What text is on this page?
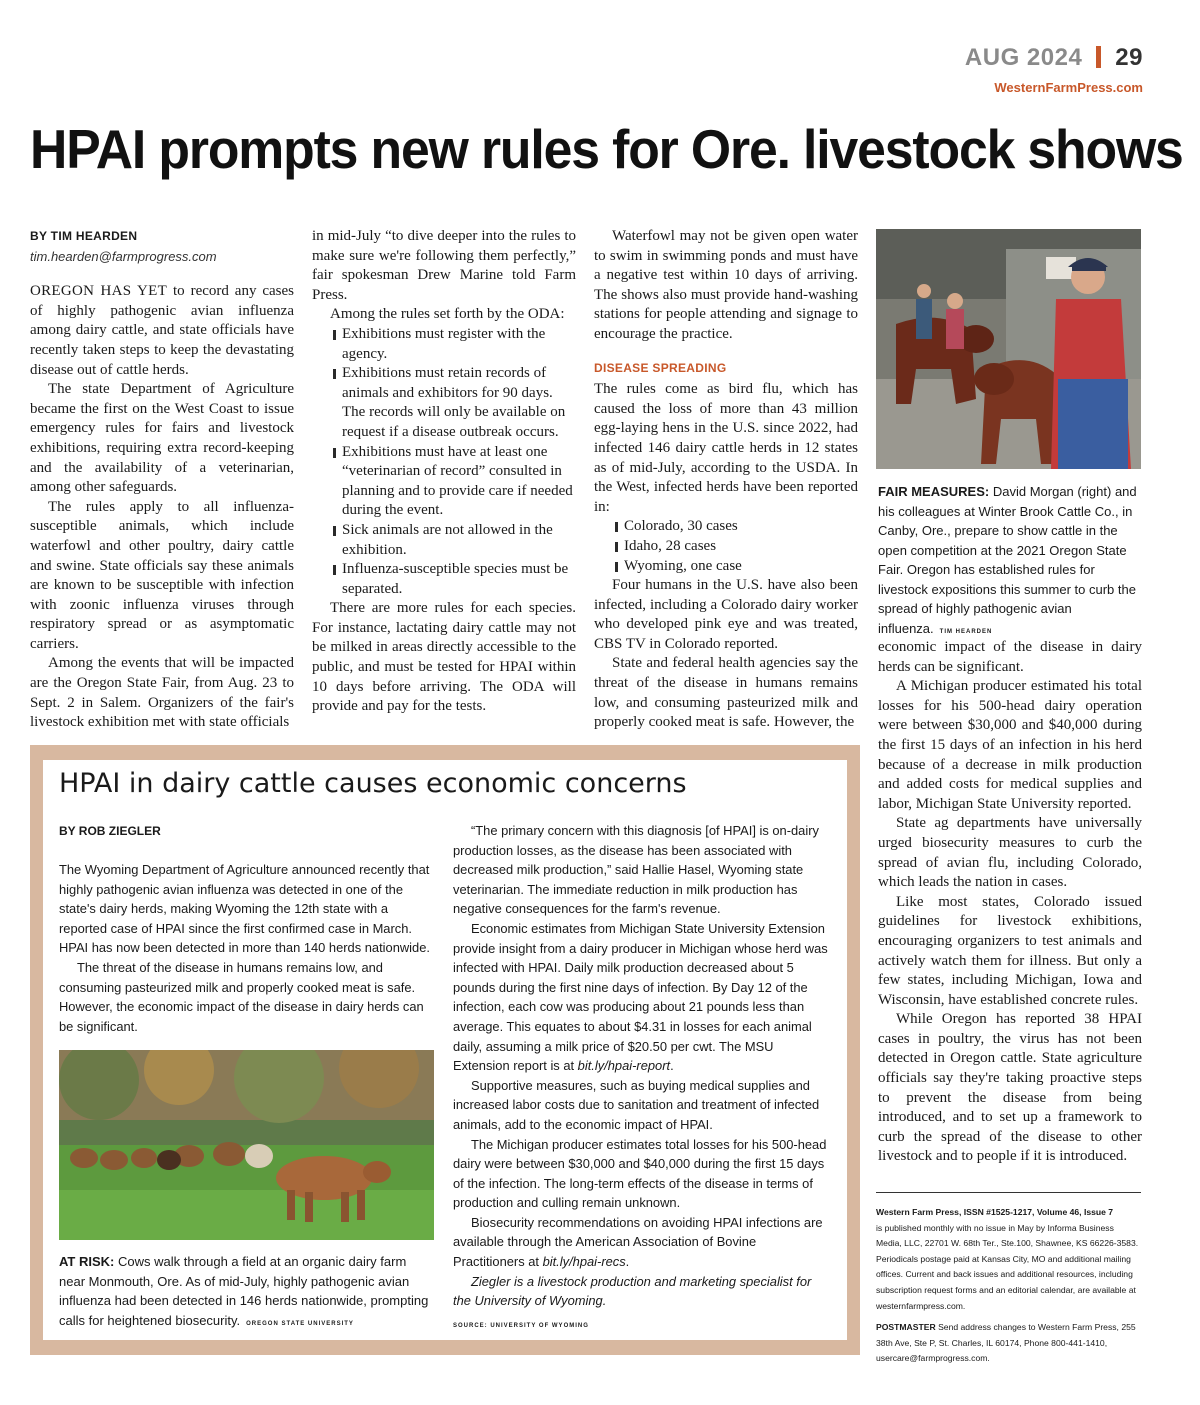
AUG 2024 29
WesternFarmPress.com
HPAI prompts new rules for Ore. livestock shows
BY TIM HEARDEN
tim.hearden@farmprogress.com

OREGON HAS YET to record any cases of highly pathogenic avian influenza among dairy cattle, and state officials have recently taken steps to keep the devastating disease out of cattle herds.

The state Department of Agriculture became the first on the West Coast to issue emergency rules for fairs and livestock exhibitions, requiring extra record-keeping and the availability of a veterinarian, among other safeguards.

The rules apply to all influenza-susceptible animals, which include waterfowl and other poultry, dairy cattle and swine. State officials say these animals are known to be susceptible with infection with zoonic influenza viruses through respiratory spread or as asymptomatic carriers.

Among the events that will be impacted are the Oregon State Fair, from Aug. 23 to Sept. 2 in Salem. Organizers of the fair's livestock exhibition met with state officials

in mid-July “to dive deeper into the rules to make sure we're following them perfectly,” fair spokesman Drew Marine told Farm Press.

Among the rules set forth by the ODA:

Exhibitions must register with the agency.
Exhibitions must retain records of animals and exhibitors for 90 days. The records will only be available on request if a disease outbreak occurs.
Exhibitions must have at least one “veterinarian of record” consulted in planning and to provide care if needed during the event.
Sick animals are not allowed in the exhibition.
Influenza-susceptible species must be separated.

There are more rules for each species. For instance, lactating dairy cattle may not be milked in areas directly accessible to the public, and must be tested for HPAI within 10 days before arriving. The ODA will provide and pay for the tests.

Waterfowl may not be given open water to swim in swimming ponds and must have a negative test within 10 days of arriving. The shows also must provide hand-washing stations for people attending and signage to encourage the practice.

DISEASE SPREADING

The rules come as bird flu, which has caused the loss of more than 43 million egg-laying hens in the U.S. since 2022, had infected 146 dairy cattle herds in 12 states as of mid-July, according to the USDA. In the West, infected herds have been reported in:

Colorado, 30 cases
Idaho, 28 cases
Wyoming, one case

Four humans in the U.S. have also been infected, including a Colorado dairy worker who developed pink eye and was treated, CBS TV in Colorado reported.

State and federal health agencies say the threat of the disease in humans remains low, and consuming pasteurized milk and properly cooked meat is safe. However, the

FAIR MEASURES: David Morgan (right) and his colleagues at Winter Brook Cattle Co., in Canby, Ore., prepare to show cattle in the open competition at the 2021 Oregon State Fair. Oregon has established rules for livestock expositions this summer to curb the spread of highly pathogenic avian influenza. TIM HEARDEN

economic impact of the disease in dairy herds can be significant.

A Michigan producer estimated his total losses for his 500-head dairy operation were between $30,000 and $40,000 during the first 15 days of an infection in his herd because of a decrease in milk production and added costs for medical supplies and labor, Michigan State University reported.

State ag departments have universally urged biosecurity measures to curb the spread of avian flu, including Colorado, which leads the nation in cases.

Like most states, Colorado issued guidelines for livestock exhibitions, encouraging organizers to test animals and actively watch them for illness. But only a few states, including Michigan, Iowa and Wisconsin, have established concrete rules.

While Oregon has reported 38 HPAI cases in poultry, the virus has not been detected in Oregon cattle. State agriculture officials say they're taking proactive steps to prevent the disease from being introduced, and to set up a framework to curb the spread of the disease to other livestock and to people if it is introduced.

HPAI in dairy cattle causes economic concerns
BY ROB ZIEGLER

The Wyoming Department of Agriculture announced recently that highly pathogenic avian influenza was detected in one of the state's dairy herds, making Wyoming the 12th state with a reported case of HPAI since the first confirmed case in March. HPAI has now been detected in more than 140 herds nationwide.

The threat of the disease in humans remains low, and consuming pasteurized milk and properly cooked meat is safe. However, the economic impact of the disease in dairy herds can be significant.

AT RISK: Cows walk through a field at an organic dairy farm near Monmouth, Ore. As of mid-July, highly pathogenic avian influenza had been detected in 146 herds nationwide, prompting calls for heightened biosecurity. OREGON STATE UNIVERSITY

“The primary concern with this diagnosis [of HPAI] is on-dairy production losses, as the disease has been associated with decreased milk production,” said Hallie Hasel, Wyoming state veterinarian. The immediate reduction in milk production has negative consequences for the farm's revenue.

Economic estimates from Michigan State University Extension provide insight from a dairy producer in Michigan whose herd was infected with HPAI. Daily milk production decreased about 5 pounds during the first nine days of infection. By Day 12 of the infection, each cow was producing about 21 pounds less than average. This equates to about $4.31 in losses for each animal daily, assuming a milk price of $20.50 per cwt. The MSU Extension report is at bit.ly/hpai-report.

Supportive measures, such as buying medical supplies and increased labor costs due to sanitation and treatment of infected animals, add to the economic impact of HPAI.

The Michigan producer estimates total losses for his 500-head dairy were between $30,000 and $40,000 during the first 15 days of the infection. The long-term effects of the disease in terms of production and culling remain unknown.

Biosecurity recommendations on avoiding HPAI infections are available through the American Association of Bovine Practitioners at bit.ly/hpai-recs.

Ziegler is a livestock production and marketing specialist for the University of Wyoming.

SOURCE: UNIVERSITY OF WYOMING

Western Farm Press, ISSN #1525-1217, Volume 46, Issue 7
is published monthly with no issue in May by Informa Business Media, LLC, 22701 W. 68th Ter., Ste.100, Shawnee, KS 66226-3583. Periodicals postage paid at Kansas City, MO and additional mailing offices. Current and back issues and additional resources, including subscription request forms and an editorial calendar, are available at westernfarmpress.com.

POSTMASTER Send address changes to Western Farm Press, 255 38th Ave, Ste P, St. Charles, IL 60174, Phone 800-441-1410, usercare@farmprogress.com.
